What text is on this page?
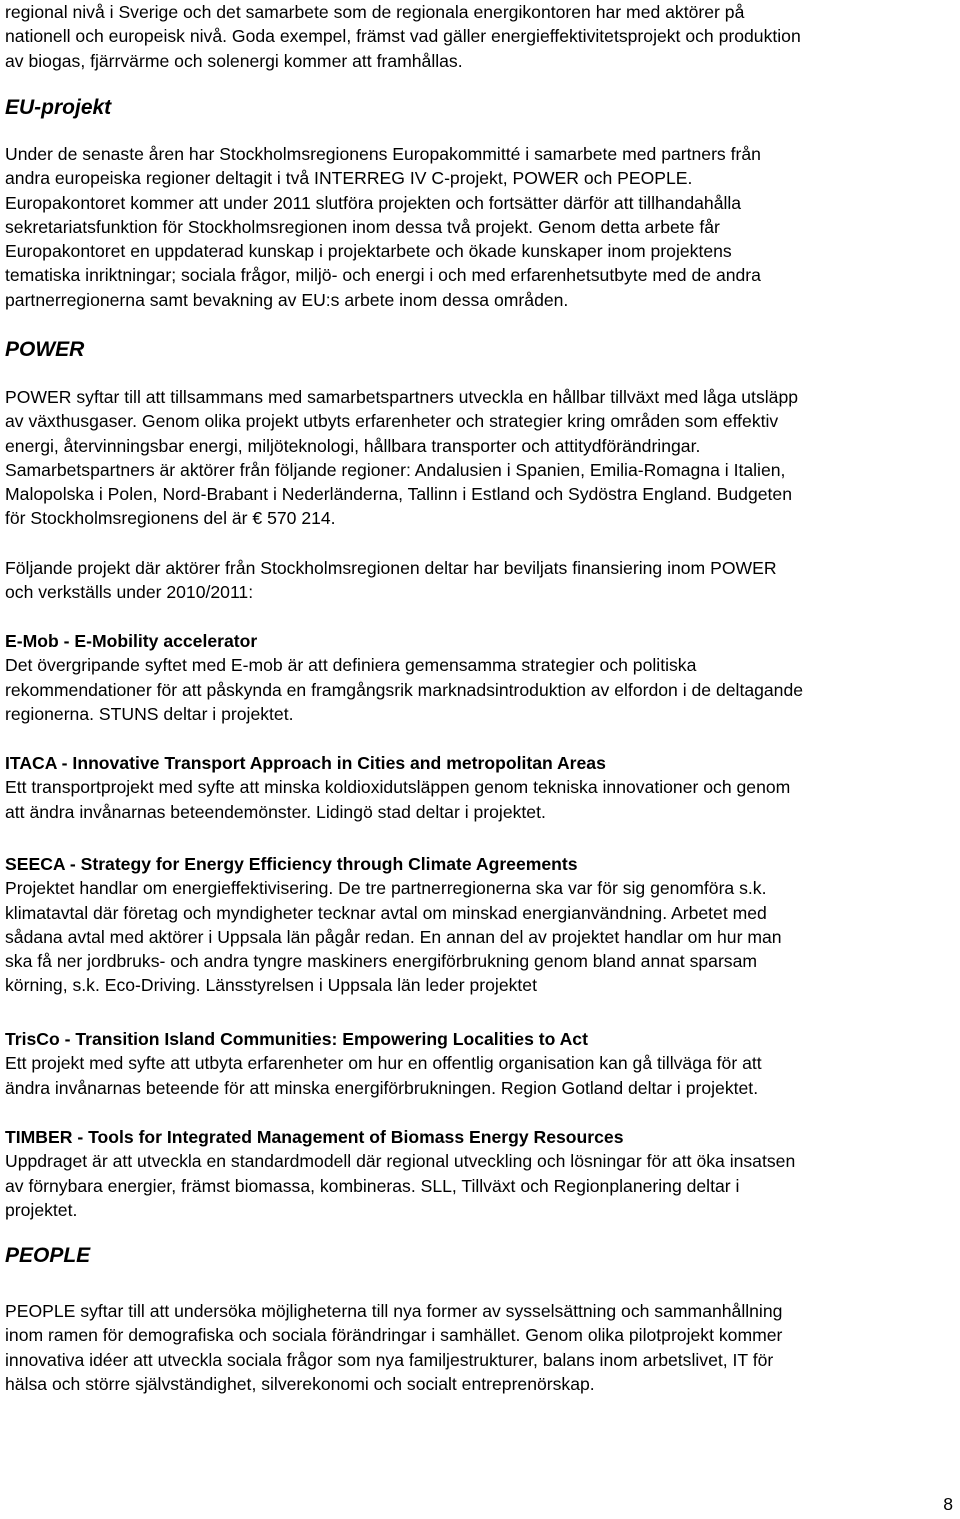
regional nivå i Sverige och det samarbete som de regionala energikontoren har med aktörer på
nationell och europeisk nivå. Goda exempel, främst vad gäller energieffektivitetsprojekt och produktion
av biogas, fjärrvärme och solenergi kommer att framhållas.
EU-projekt
Under de senaste åren har Stockholmsregionens Europakommitté i samarbete med partners från
andra europeiska regioner deltagit i två INTERREG IV C-projekt, POWER och PEOPLE.
Europakontoret kommer att under 2011 slutföra projekten och fortsätter därför att tillhandahålla
sekretariatsfunktion för Stockholmsregionen inom dessa två projekt. Genom detta arbete får
Europakontoret en uppdaterad kunskap i projektarbete och ökade kunskaper inom projektens
tematiska inriktningar; sociala frågor, miljö- och energi i och med erfarenhetsutbyte med de andra
partnerregionerna samt bevakning av EU:s arbete inom dessa områden.
POWER
POWER syftar till att tillsammans med samarbetspartners utveckla en hållbar tillväxt med låga utsläpp
av växthusgaser. Genom olika projekt utbyts erfarenheter och strategier kring områden som effektiv
energi, återvinningsbar energi, miljöteknologi, hållbara transporter och attitydförändringar.
Samarbetspartners är aktörer från följande regioner: Andalusien i Spanien, Emilia-Romagna i Italien,
Malopolska i Polen, Nord-Brabant i Nederländerna, Tallinn i Estland och Sydöstra England. Budgeten
för Stockholmsregionens del är € 570 214.
Följande projekt där aktörer från Stockholmsregionen deltar har beviljats finansiering inom POWER
och verkställs under 2010/2011:
E-Mob - E-Mobility accelerator
Det övergripande syftet med E-mob är att definiera gemensamma strategier och politiska
rekommendationer för att påskynda en framgångsrik marknadsintroduktion av elfordon i de deltagande
regionerna. STUNS deltar i projektet.
ITACA - Innovative Transport Approach in Cities and metropolitan Areas
Ett transportprojekt med syfte att minska koldioxidutsläppen genom tekniska innovationer och genom
att ändra invånarnas beteendemönster. Lidingö stad deltar i projektet.
SEECA - Strategy for Energy Efficiency through Climate Agreements
Projektet handlar om energieffektivisering. De tre partnerregionerna ska var för sig genomföra s.k.
klimatavtal där företag och myndigheter tecknar avtal om minskad energianvändning. Arbetet med
sådana avtal med aktörer i Uppsala län pågår redan. En annan del av projektet handlar om hur man
ska få ner jordbruks- och andra tyngre maskiners energiförbrukning genom bland annat sparsam
körning, s.k. Eco-Driving. Länsstyrelsen i Uppsala län leder projektet
TrisCo - Transition Island Communities: Empowering Localities to Act
Ett projekt med syfte att utbyta erfarenheter om hur en offentlig organisation kan gå tillväga för att
ändra invånarnas beteende för att minska energiförbrukningen. Region Gotland deltar i projektet.
TIMBER - Tools for Integrated Management of Biomass Energy Resources
Uppdraget är att utveckla en standardmodell där regional utveckling och lösningar för att öka insatsen
av förnybara energier, främst biomassa, kombineras. SLL, Tillväxt och Regionplanering deltar i
projektet.
PEOPLE
PEOPLE syftar till att undersöka möjligheterna till nya former av sysselsättning och sammanhållning
inom ramen för demografiska och sociala förändringar i samhället. Genom olika pilotprojekt kommer
innovativa idéer att utveckla sociala frågor som nya familjestrukturer, balans inom arbetslivet, IT för
hälsa och större självständighet, silverekonomi och socialt entreprenörskap.
8
